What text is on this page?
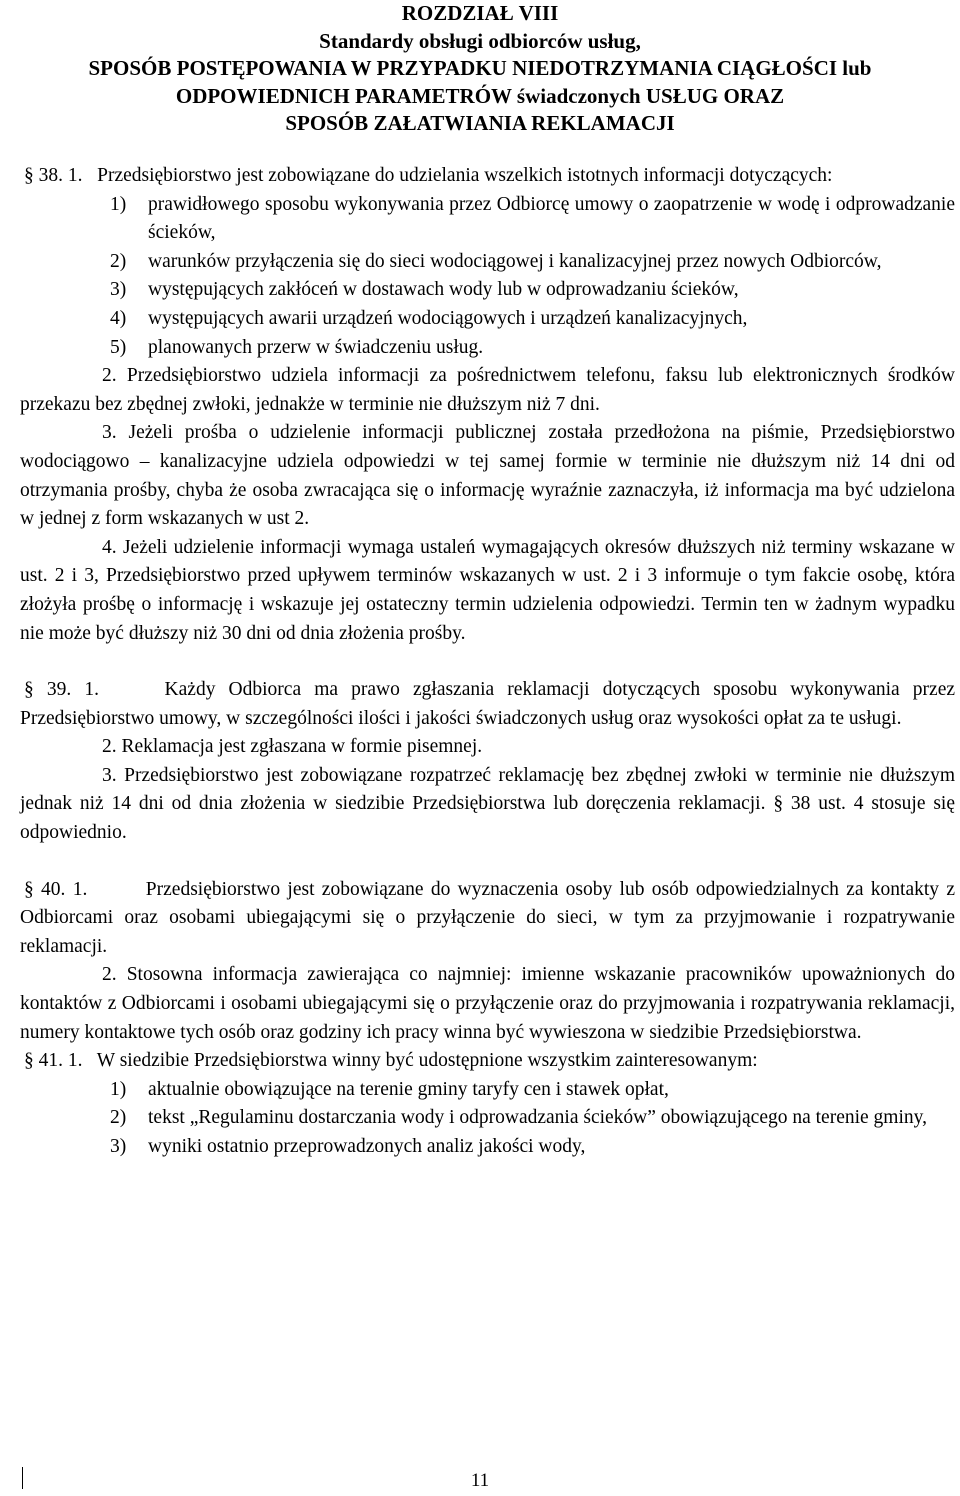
ROZDZIAŁ VIII
Standardy obsługi odbiorców usług,
SPOSÓB POSTĘPOWANIA W PRZYPADKU NIEDOTRZYMANIA CIĄGŁOŚCI lub
ODPOWIEDNICH PARAMETRÓW świadczonych USŁUG ORAZ
SPOSÓB ZAŁATWIANIA REKLAMACJI

§ 38. 1. Przedsiębiorstwo jest zobowiązane do udzielania wszelkich istotnych informacji dotyczących:

1)	prawidłowego sposobu wykonywania przez Odbiorcę umowy o zaopatrzenie w wodę i odprowadzanie ścieków,
2)	warunków przyłączenia się do sieci wodociągowej i kanalizacyjnej przez nowych Odbiorców,
3)	występujących zakłóceń w dostawach wody lub w odprowadzaniu ścieków,
4)	występujących awarii urządzeń wodociągowych i urządzeń kanalizacyjnych,
5)	planowanych przerw w świadczeniu usług.

2. Przedsiębiorstwo udziela informacji za pośrednictwem telefonu, faksu lub elektronicznych środków przekazu bez zbędnej zwłoki, jednakże w terminie nie dłuższym niż 7 dni.

3. Jeżeli prośba o udzielenie informacji publicznej została przedłożona na piśmie, Przedsiębiorstwo wodociągowo – kanalizacyjne udziela odpowiedzi w tej samej formie w terminie nie dłuższym niż 14 dni od otrzymania prośby, chyba że osoba zwracająca się o informację wyraźnie zaznaczyła, iż informacja ma być udzielona w jednej z form wskazanych w ust 2.

4. Jeżeli udzielenie informacji wymaga ustaleń wymagających okresów dłuższych niż terminy wskazane w ust. 2 i 3, Przedsiębiorstwo przed upływem terminów wskazanych w ust. 2 i 3 informuje o tym fakcie osobę, która złożyła prośbę o informację i wskazuje jej ostateczny termin udzielenia odpowiedzi. Termin ten w żadnym wypadku nie może być dłuższy niż 30 dni od dnia złożenia prośby.

§ 39. 1.	Każdy Odbiorca ma prawo zgłaszania reklamacji dotyczących sposobu wykonywania przez Przedsiębiorstwo umowy, w szczególności ilości i jakości świadczonych usług oraz wysokości opłat za te usługi.

2. Reklamacja jest zgłaszana w formie pisemnej.

3. Przedsiębiorstwo jest zobowiązane rozpatrzeć reklamację bez zbędnej zwłoki w terminie nie dłuższym jednak niż 14 dni od dnia złożenia w siedzibie Przedsiębiorstwa lub doręczenia reklamacji. § 38 ust. 4 stosuje się odpowiednio.

§ 40. 1.	Przedsiębiorstwo jest zobowiązane do wyznaczenia osoby lub osób odpowiedzialnych za kontakty z Odbiorcami oraz osobami ubiegającymi się o przyłączenie do sieci, w tym za przyjmowanie i rozpatrywanie reklamacji.

2. Stosowna informacja zawierająca co najmniej: imienne wskazanie pracowników upoważnionych do kontaktów z Odbiorcami i osobami ubiegającymi się o przyłączenie oraz do przyjmowania i rozpatrywania reklamacji, numery kontaktowe tych osób oraz godziny ich pracy winna być wywieszona w siedzibie Przedsiębiorstwa.

§ 41. 1. W siedzibie Przedsiębiorstwa winny być udostępnione wszystkim zainteresowanym:

1)	aktualnie obowiązujące na terenie gminy taryfy cen i stawek opłat,
2)	tekst „Regulaminu dostarczania wody i odprowadzania ścieków” obowiązującego na terenie gminy,
3)	wyniki ostatnio przeprowadzonych analiz jakości wody,
11
